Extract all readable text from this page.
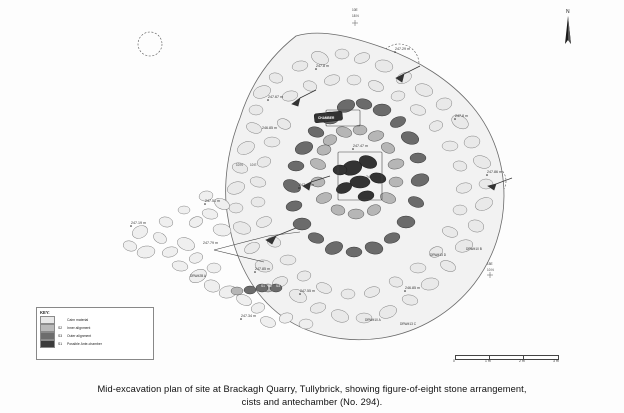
N
247.29 m
247.8 m
247.67 m
247.8 m
246.85 m
247.47 m
247.46 m
247.29 m
247.86 m
247.51 m
247.19 m
247.79 m
247.85 m
247.55 m
247.34 m
246.85 m
10 N 10 E
10E
18 N
15E
10 N
DRW#13 D
DRW#10 B
DRW#13 C
DRW#10 A
DRW#2B A
S1 S2 S3
CHAMBER
KEY:
Cairn material
S2	Inner alignment
S3	Outer alignment
S1	Possible Ante-chamber
0	1 m	2 m	3 m
Mid-excavation plan of site at Brackagh Quarry, Tullybrick, showing figure-of-eight stone arrangement,
cists and antechamber (No. 294).
